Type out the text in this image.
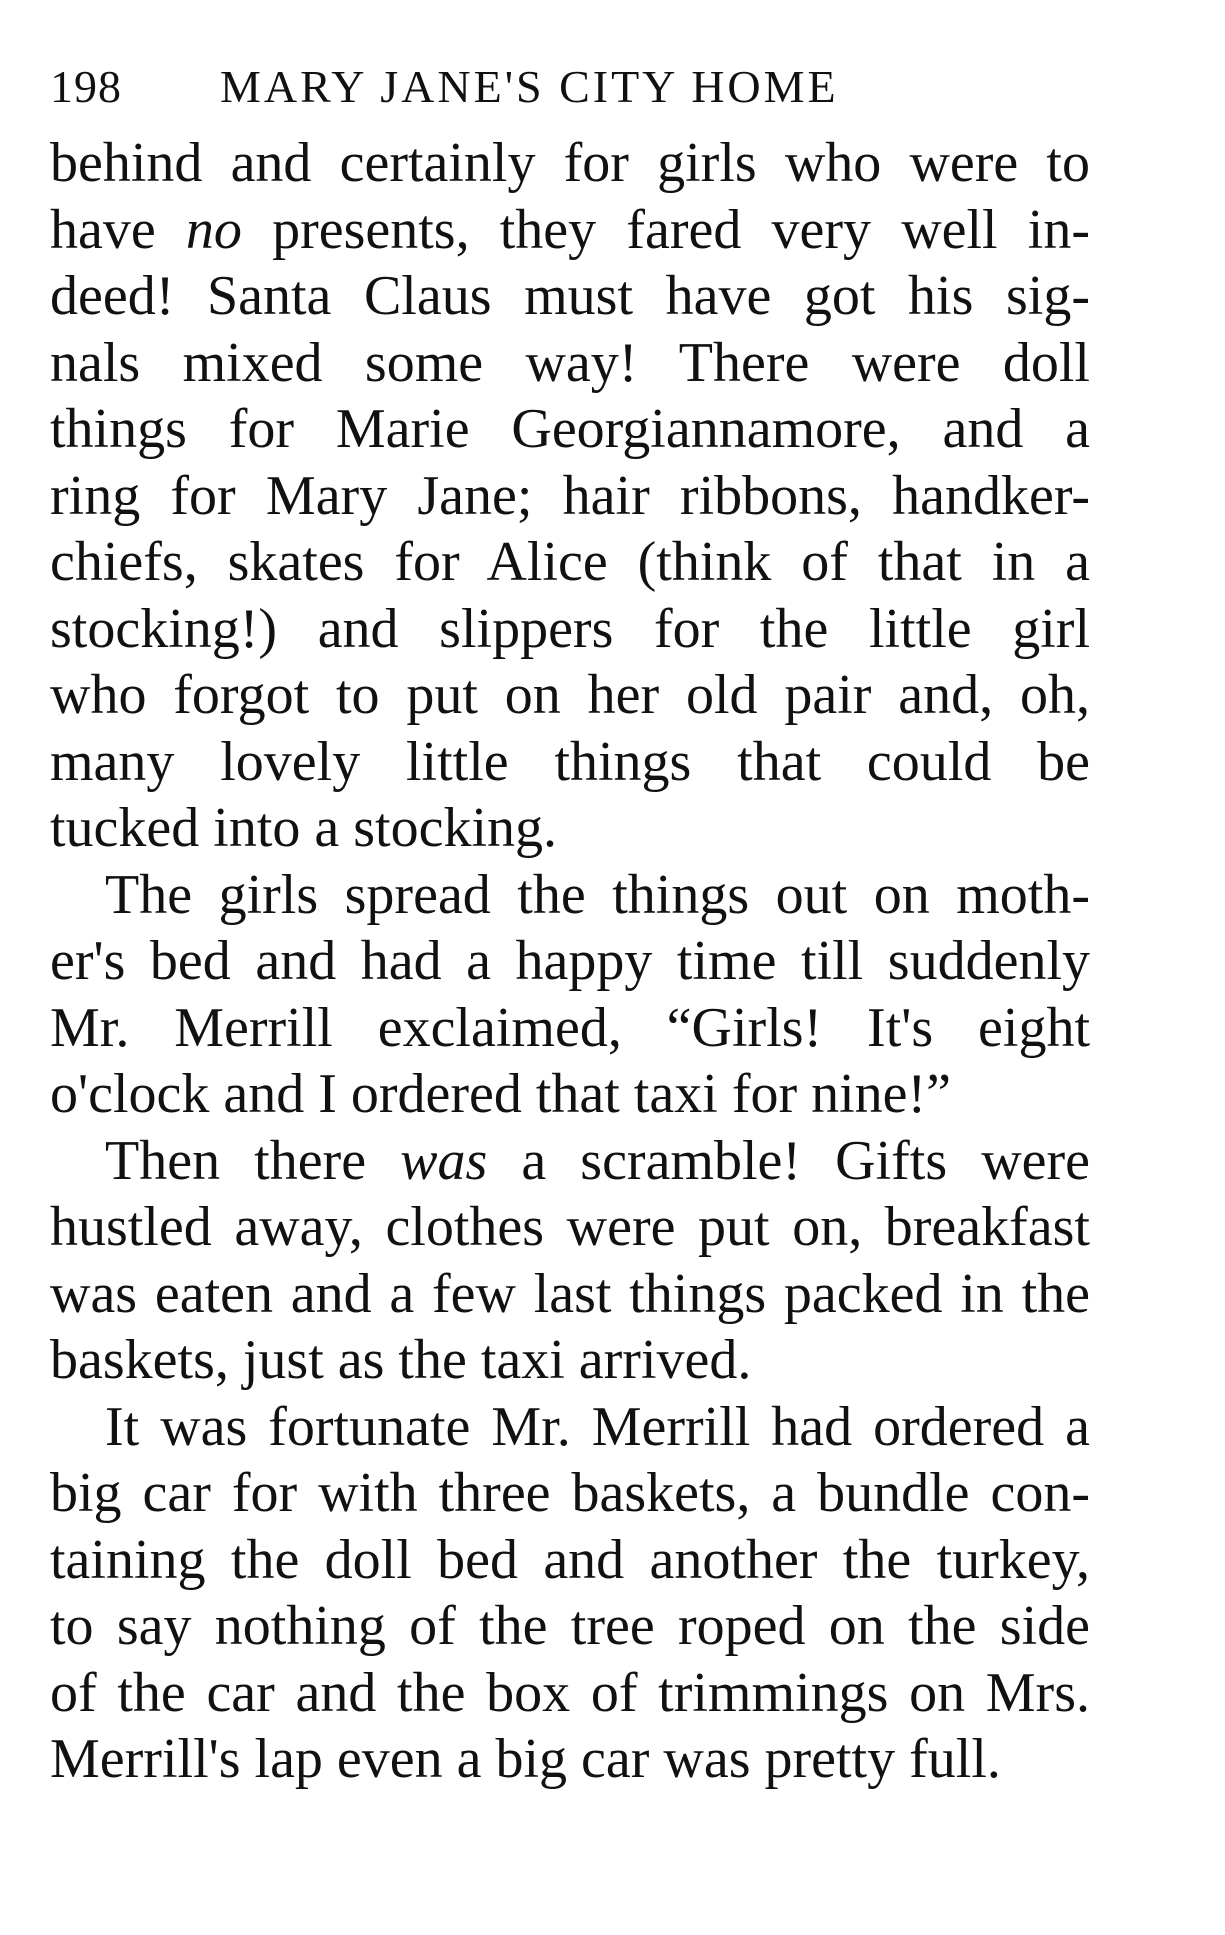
198 MARY JANE'S CITY HOME
behind and certainly for girls who were to
have no presents, they fared very well in-
deed! Santa Claus must have got his sig-
nals mixed some way! There were doll
things for Marie Georgiannamore, and a
ring for Mary Jane; hair ribbons, handker-
chiefs, skates for Alice (think of that in a
stocking!) and slippers for the little girl
who forgot to put on her old pair and, oh,
many lovely little things that could be
tucked into a stocking.
The girls spread the things out on moth-
er's bed and had a happy time till suddenly
Mr. Merrill exclaimed, “Girls! It's eight
o'clock and I ordered that taxi for nine!”
Then there was a scramble! Gifts were
hustled away, clothes were put on, breakfast
was eaten and a few last things packed in the
baskets, just as the taxi arrived.
It was fortunate Mr. Merrill had ordered a
big car for with three baskets, a bundle con-
taining the doll bed and another the turkey,
to say nothing of the tree roped on the side
of the car and the box of trimmings on Mrs.
Merrill's lap even a big car was pretty full.
